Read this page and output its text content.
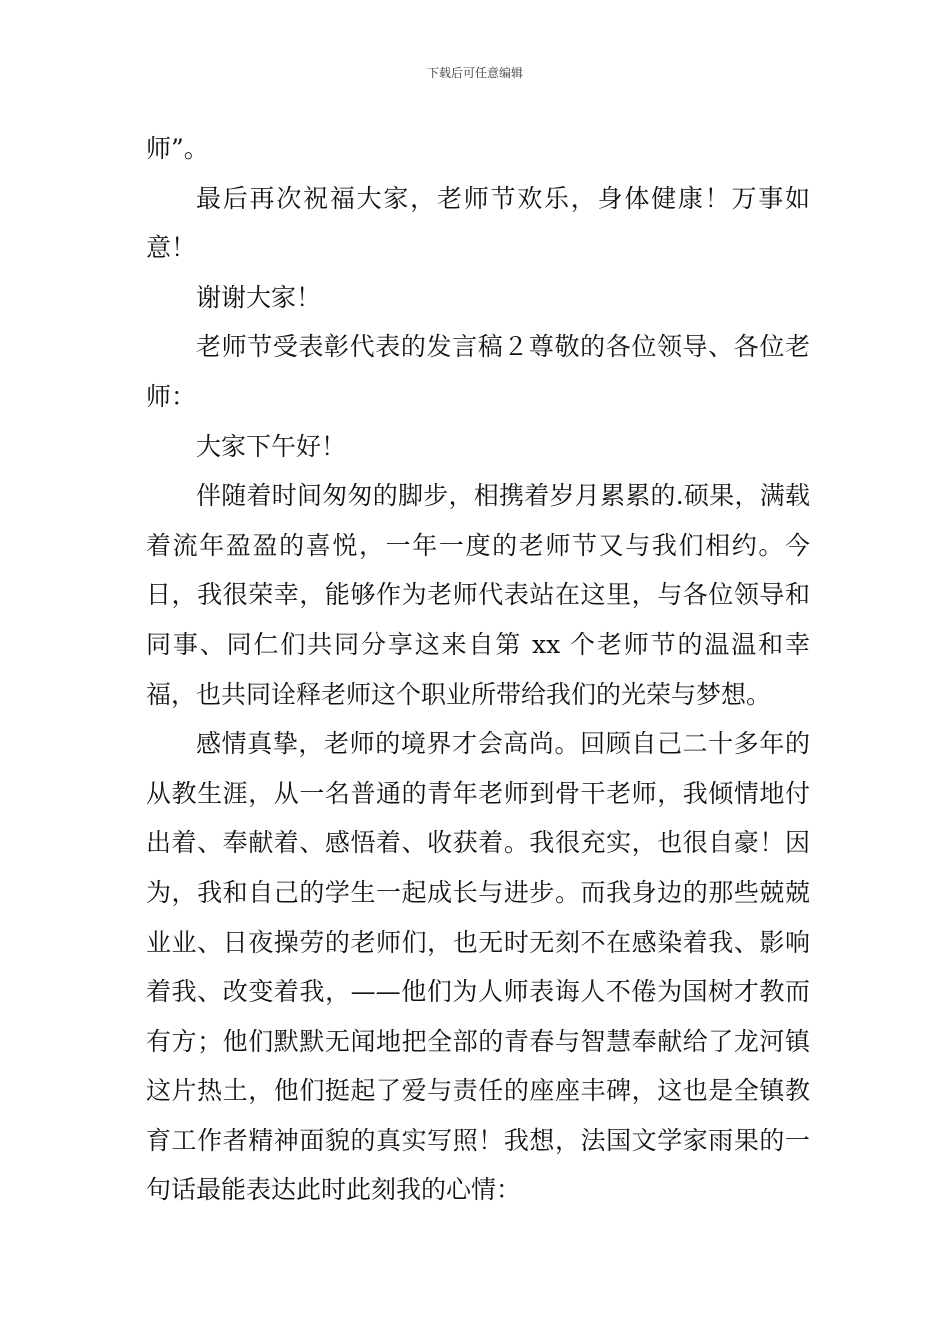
下载后可任意编辑

师”。

最后再次祝福大家，老师节欢乐，身体健康！万事如意！

谢谢大家！

老师节受表彰代表的发言稿２尊敬的各位领导、各位老师：

大家下午好！

伴随着时间匆匆的脚步，相携着岁月累累的.硕果，满载着流年盈盈的喜悦，一年一度的老师节又与我们相约。今日，我很荣幸，能够作为老师代表站在这里，与各位领导和同事、同仁们共同分享这来自第 xx 个老师节的温温和幸福，也共同诠释老师这个职业所带给我们的光荣与梦想。

感情真挚，老师的境界才会高尚。回顾自己二十多年的从教生涯，从一名普通的青年老师到骨干老师，我倾情地付出着、奉献着、感悟着、收获着。我很充实，也很自豪！因为，我和自己的学生一起成长与进步。而我身边的那些兢兢业业、日夜操劳的老师们，也无时无刻不在感染着我、影响着我、改变着我，——他们为人师表诲人不倦为国树才教而有方；他们默默无闻地把全部的青春与智慧奉献给了龙河镇这片热土，他们挺起了爱与责任的座座丰碑，这也是全镇教育工作者精神面貌的真实写照！我想，法国文学家雨果的一句话最能表达此时此刻我的心情：
